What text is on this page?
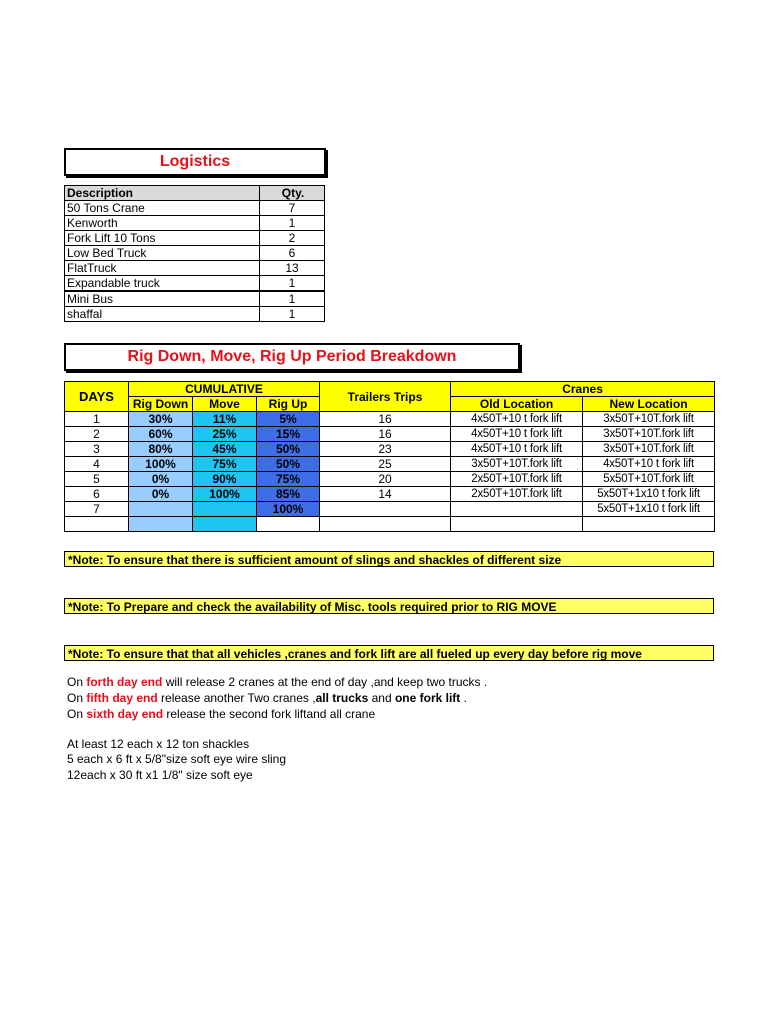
Logistics
Description	Qty.
50 Tons Crane	7
Kenworth	1
Fork Lift 10 Tons	2
Low Bed Truck	6
FlatTruck	13
Expandable truck	1
Mini Bus	1
shaffal	1
Rig Down, Move, Rig Up Period Breakdown
DAYS	CUMULATIVE			Trailers Trips	Cranes	
	Rig Down	Move	Rig Up		Old Location	New Location
1	30%	11%	5%	16	4x50T+10 t fork lift	3x50T+10T.fork lift
2	60%	25%	15%	16	4x50T+10 t fork lift	3x50T+10T.fork lift
3	80%	45%	50%	23	4x50T+10 t fork lift	3x50T+10T.fork lift
4	100%	75%	50%	25	3x50T+10T.fork lift	4x50T+10 t fork lift
5	0%	90%	75%	20	2x50T+10T.fork lift	5x50T+10T.fork lift
6	0%	100%	85%	14	2x50T+10T.fork lift	5x50T+1x10 t fork lift
7			100%			5x50T+1x10 t fork lift

*Note: To ensure that there is sufficient amount of slings and shackles of different size
*Note: To Prepare and check the availability of Misc. tools required prior to RIG MOVE
*Note: To ensure that that all vehicles ,cranes and fork lift are all fueled up every day before rig move
On forth day end will release 2 cranes at the end of day ,and keep two trucks .
On fifth day end release another Two cranes ,all trucks and one fork lift .
On sixth day end release the second fork liftand all crane
At least 12 each x 12 ton shackles
5 each x 6 ft x 5/8"size soft eye wire sling
12each x 30 ft x1 1/8" size soft eye
